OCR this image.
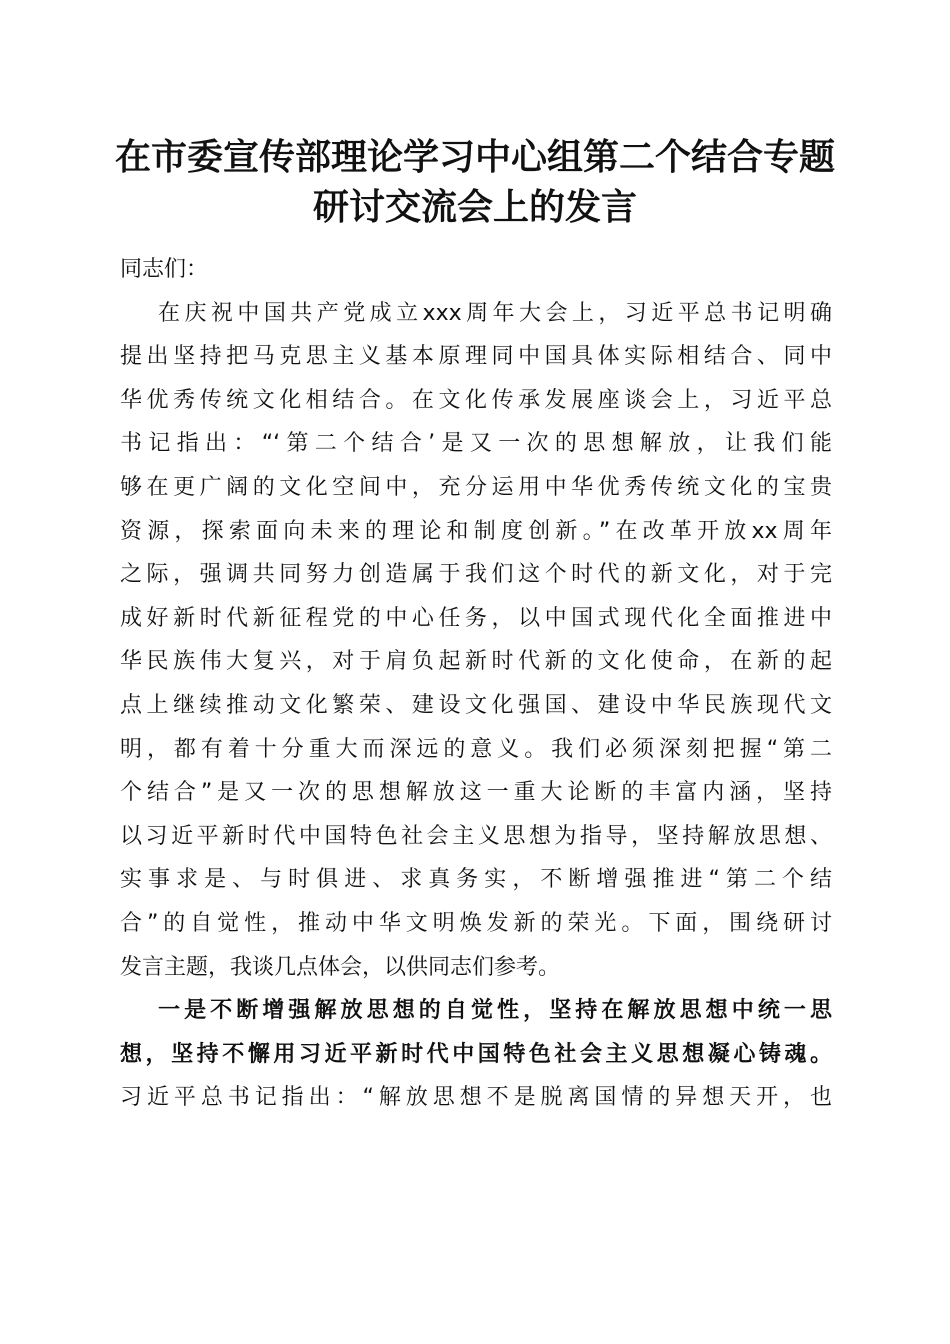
在市委宣传部理论学习中心组第二个结合专题
研讨交流会上的发言
同志们：
在庆祝中国共产党成立xxx周年大会上，习近平总书记明确
提出坚持把马克思主义基本原理同中国具体实际相结合、同中
华优秀传统文化相结合。在文化传承发展座谈会上，习近平总
书记指出：“‘第二个结合’是又一次的思想解放，让我们能
够在更广阔的文化空间中，充分运用中华优秀传统文化的宝贵
资源，探索面向未来的理论和制度创新。”在改革开放xx周年
之际，强调共同努力创造属于我们这个时代的新文化，对于完
成好新时代新征程党的中心任务，以中国式现代化全面推进中
华民族伟大复兴，对于肩负起新时代新的文化使命，在新的起
点上继续推动文化繁荣、建设文化强国、建设中华民族现代文
明，都有着十分重大而深远的意义。我们必须深刻把握“第二
个结合”是又一次的思想解放这一重大论断的丰富内涵，坚持
以习近平新时代中国特色社会主义思想为指导，坚持解放思想、
实事求是、与时俱进、求真务实，不断增强推进“第二个结
合”的自觉性，推动中华文明焕发新的荣光。下面，围绕研讨
发言主题，我谈几点体会，以供同志们参考。
一是不断增强解放思想的自觉性，坚持在解放思想中统一思
想，坚持不懈用习近平新时代中国特色社会主义思想凝心铸魂。
习近平总书记指出：“解放思想不是脱离国情的异想天开，也
